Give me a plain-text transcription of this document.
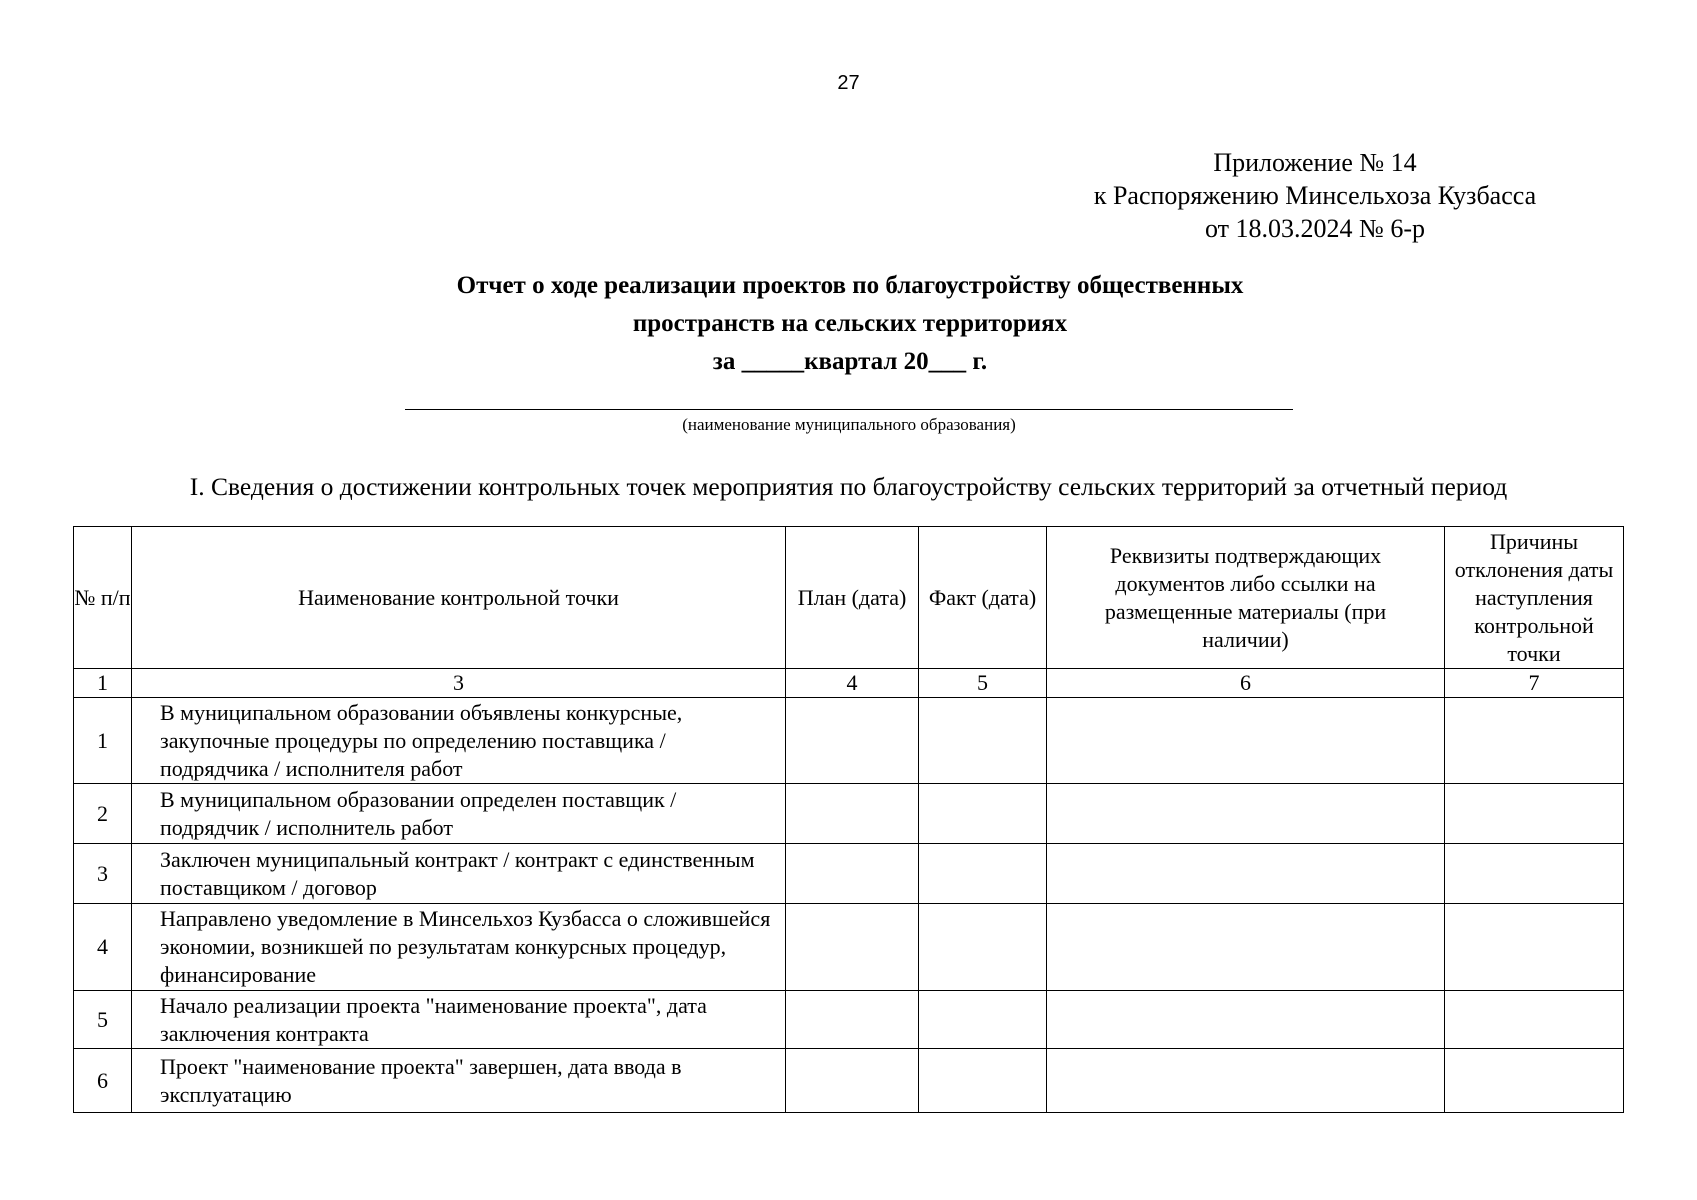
27
Приложение № 14
к Распоряжению Минсельхоза Кузбасса
от 18.03.2024 № 6-р
Отчет о ходе реализации проектов по благоустройству общественных
пространств на сельских территориях
за _____квартал 20___ г.
(наименование муниципального образования)
I. Сведения о достижении контрольных точек мероприятия по благоустройству сельских территорий за отчетный период
№ п/п	Наименование контрольной точки	План (дата)	Факт (дата)	Реквизиты подтверждающих документов либо ссылки на размещенные материалы (при наличии)	Причины отклонения даты наступления контрольной точки
1	3	4	5	6	7
1	В муниципальном образовании объявлены конкурсные, закупочные процедуры по определению поставщика / подрядчика / исполнителя работ				
2	В муниципальном образовании определен поставщик / подрядчик / исполнитель работ				
3	Заключен муниципальный контракт / контракт с единственным поставщиком / договор				
4	Направлено уведомление в Минсельхоз Кузбасса о сложившейся экономии, возникшей по результатам конкурсных процедур, финансирование				
5	Начало реализации проекта "наименование проекта", дата заключения контракта				
6	Проект "наименование проекта" завершен, дата ввода в эксплуатацию				
